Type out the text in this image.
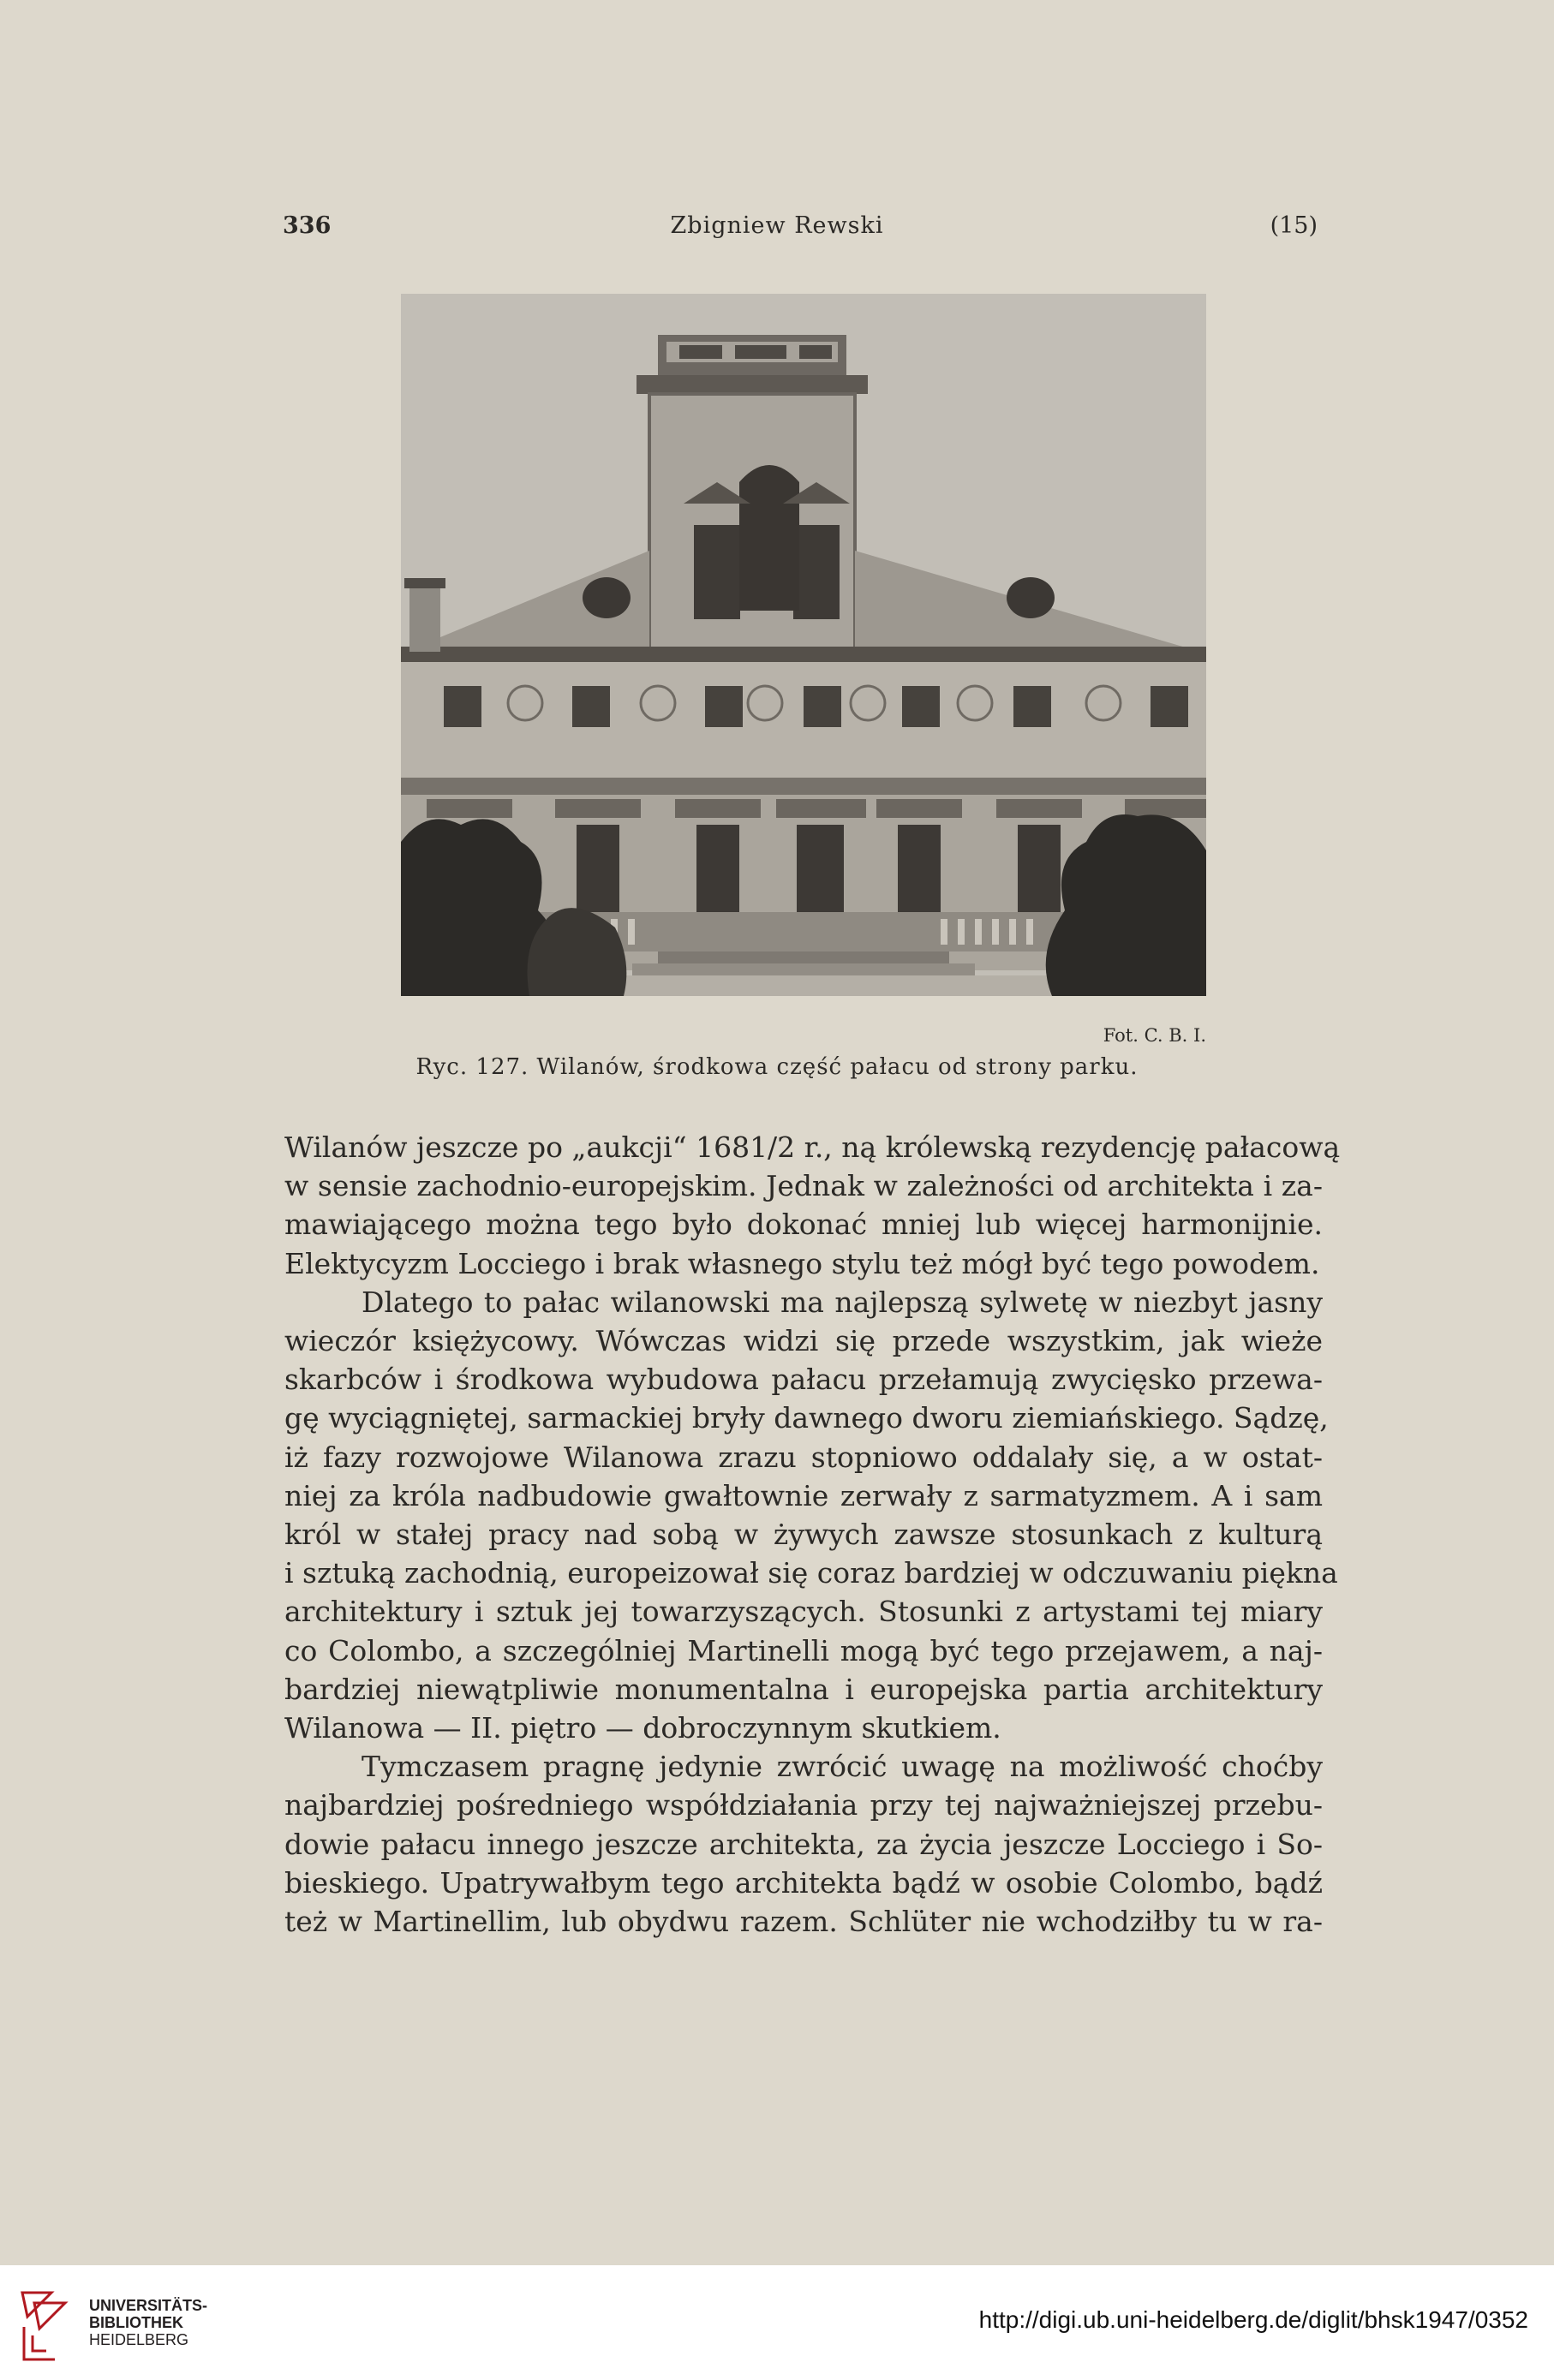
336	Zbigniew Rewski	(15)
Fot. C. B. I.
Ryc. 127. Wilanów, środkowa część pałacu od strony parku.

Wilanów jeszcze po „aukcji“ 1681/2 r., ną królewską rezydencję pałacową
w sensie zachodnio-europejskim. Jednak w zależności od architekta i za-
mawiającego można tego było dokonać mniej lub więcej harmonijnie.
Elektycyzm Locciego i brak własnego stylu też mógł być tego powodem.

Dlatego to pałac wilanowski ma najlepszą sylwetę w niezbyt jasny
wieczór księżycowy. Wówczas widzi się przede wszystkim, jak wieże
skarbców i środkowa wybudowa pałacu przełamują zwycięsko przewa-
gę wyciągniętej, sarmackiej bryły dawnego dworu ziemiańskiego. Sądzę,
iż fazy rozwojowe Wilanowa zrazu stopniowo oddalały się, a w ostat-
niej za króla nadbudowie gwałtownie zerwały z sarmatyzmem. A i sam
król w stałej pracy nad sobą w żywych zawsze stosunkach z kulturą
i sztuką zachodnią, europeizował się coraz bardziej w odczuwaniu piękna
architektury i sztuk jej towarzyszących. Stosunki z artystami tej miary
co Colombo, a szczególniej Martinelli mogą być tego przejawem, a naj-
bardziej niewątpliwie monumentalna i europejska partia architektury
Wilanowa — II. piętro — dobroczynnym skutkiem.

Tymczasem pragnę jedynie zwrócić uwagę na możliwość choćby
najbardziej pośredniego współdziałania przy tej najważniejszej przebu-
dowie pałacu innego jeszcze architekta, za życia jeszcze Locciego i So-
bieskiego. Upatrywałbym tego architekta bądź w osobie Colombo, bądź
też w Martinellim, lub obydwu razem. Schlüter nie wchodziłby tu w ra-

UNIVERSITÄTS-
BIBLIOTHEK
HEIDELBERG
http://digi.ub.uni-heidelberg.de/diglit/bhsk1947/0352
